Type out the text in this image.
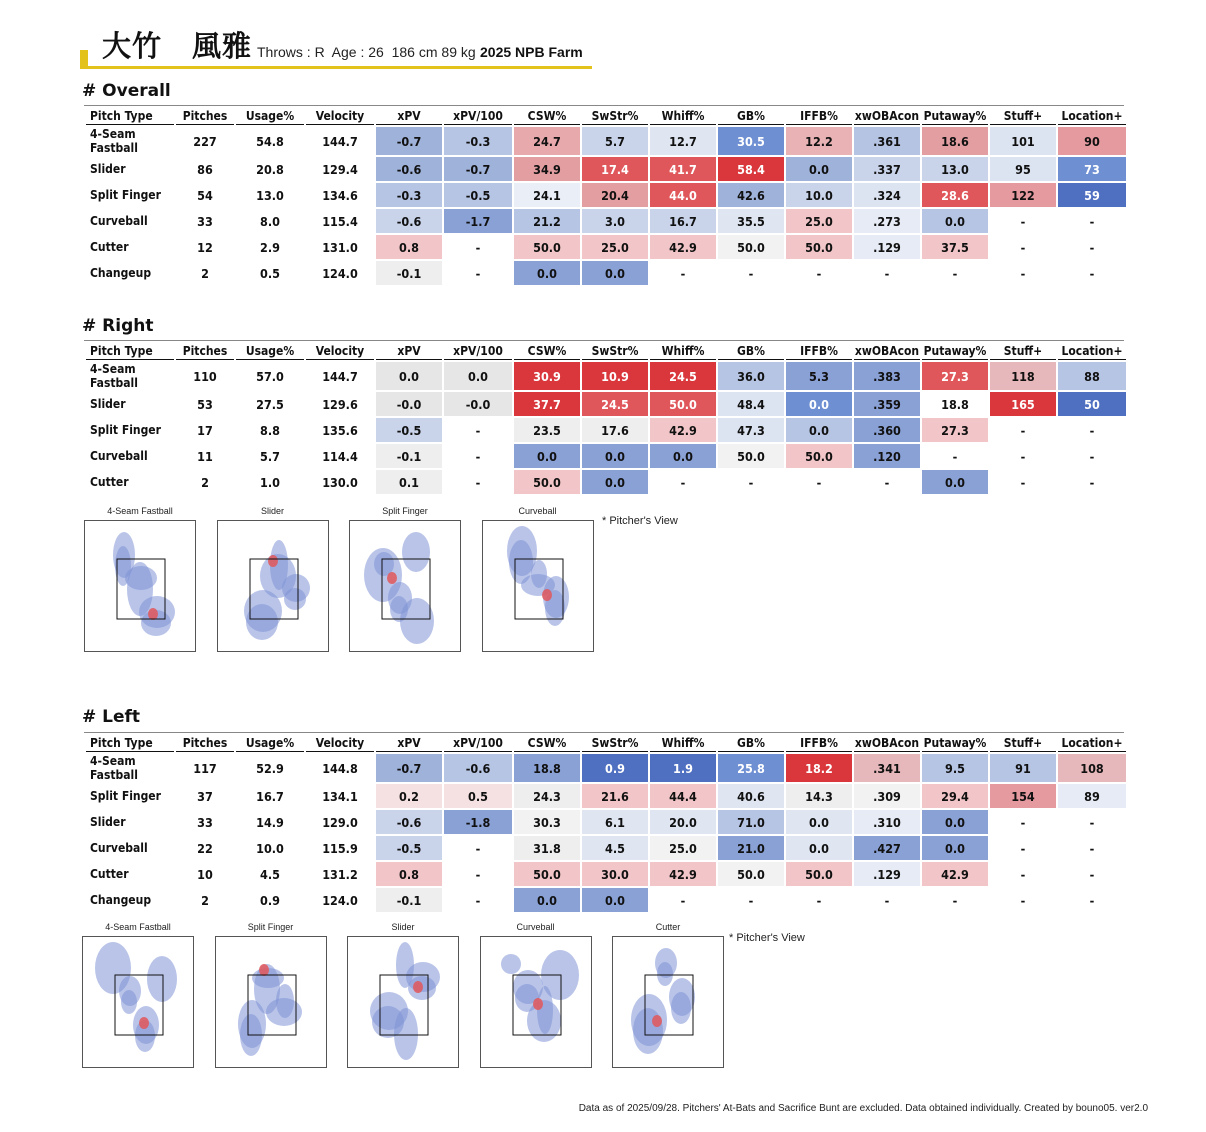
大竹　風雅 Throws : R  Age : 26  186 cm 89 kg 2025 NPB Farm
# Overall
Pitch Type	Pitches	Usage%	Velocity	xPV	xPV/100	CSW%	SwStr%	Whiff%	GB%	IFFB%	xwOBAcon	Putaway%	Stuff+	Location+
4-Seam Fastball	227	54.8	144.7	-0.7	-0.3	24.7	5.7	12.7	30.5	12.2	.361	18.6	101	90
Slider	86	20.8	129.4	-0.6	-0.7	34.9	17.4	41.7	58.4	0.0	.337	13.0	95	73
Split Finger	54	13.0	134.6	-0.3	-0.5	24.1	20.4	44.0	42.6	10.0	.324	28.6	122	59
Curveball	33	8.0	115.4	-0.6	-1.7	21.2	3.0	16.7	35.5	25.0	.273	0.0	-	-
Cutter	12	2.9	131.0	0.8	-	50.0	25.0	42.9	50.0	50.0	.129	37.5	-	-
Changeup	2	0.5	124.0	-0.1	-	0.0	0.0	-	-	-	-	-	-	-
# Right
Pitch Type	Pitches	Usage%	Velocity	xPV	xPV/100	CSW%	SwStr%	Whiff%	GB%	IFFB%	xwOBAcon	Putaway%	Stuff+	Location+
4-Seam Fastball	110	57.0	144.7	0.0	0.0	30.9	10.9	24.5	36.0	5.3	.383	27.3	118	88
Slider	53	27.5	129.6	-0.0	-0.0	37.7	24.5	50.0	48.4	0.0	.359	18.8	165	50
Split Finger	17	8.8	135.6	-0.5	-	23.5	17.6	42.9	47.3	0.0	.360	27.3	-	-
Curveball	11	5.7	114.4	-0.1	-	0.0	0.0	0.0	50.0	50.0	.120	-	-	-
Cutter	2	1.0	130.0	0.1	-	50.0	0.0	-	-	-	-	0.0	-	-
4-Seam Fastball	Slider	Split Finger	Curveball
* Pitcher's View
# Left
Pitch Type	Pitches	Usage%	Velocity	xPV	xPV/100	CSW%	SwStr%	Whiff%	GB%	IFFB%	xwOBAcon	Putaway%	Stuff+	Location+
4-Seam Fastball	117	52.9	144.8	-0.7	-0.6	18.8	0.9	1.9	25.8	18.2	.341	9.5	91	108
Split Finger	37	16.7	134.1	0.2	0.5	24.3	21.6	44.4	40.6	14.3	.309	29.4	154	89
Slider	33	14.9	129.0	-0.6	-1.8	30.3	6.1	20.0	71.0	0.0	.310	0.0	-	-
Curveball	22	10.0	115.9	-0.5	-	31.8	4.5	25.0	21.0	0.0	.427	0.0	-	-
Cutter	10	4.5	131.2	0.8	-	50.0	30.0	42.9	50.0	50.0	.129	42.9	-	-
Changeup	2	0.9	124.0	-0.1	-	0.0	0.0	-	-	-	-	-	-	-
4-Seam Fastball	Split Finger	Slider	Curveball	Cutter
* Pitcher's View
Data as of 2025/09/28. Pitchers' At-Bats and Sacrifice Bunt are excluded. Data obtained individually. Created by bouno05. ver2.0
